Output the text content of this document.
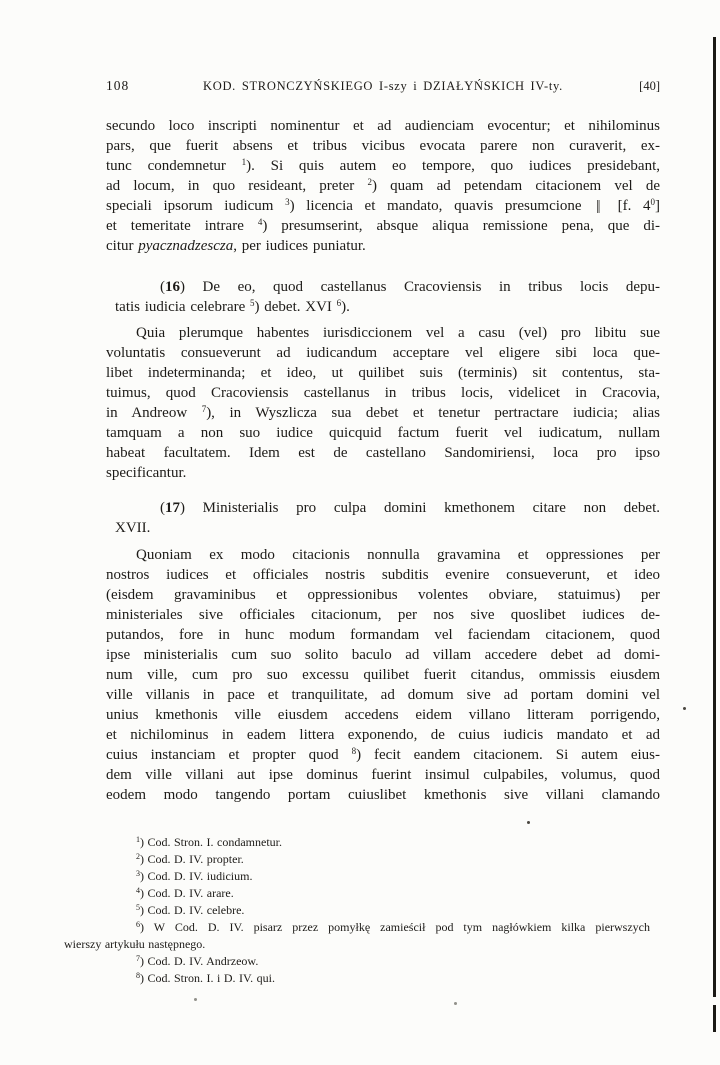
108	KOD. STRONCZYŃSKIEGO I-szy i DZIAŁYŃSKICH IV-ty.	[40]
secundo loco inscripti nominentur et ad audienciam evocentur; et nihilominus
pars, que fuerit absens et tribus vicibus evocata parere non curaverit, ex-
tunc condemnetur $^1$). Si quis autem eo tempore, quo iudices presidebant,
ad locum, in quo resideant, preter $^2$) quam ad petendam citacionem vel de
speciali ipsorum iudicum $^3$) licencia et mandato, quavis presumcione || [f. $4^0$]
et temeritate intrare $^4$) presumserint, absque aliqua remissione pena, que di-
citur pyacznadzescza, per iudices puniatur.
(16) De eo, quod castellanus Cracoviensis in tribus locis depu-
tatis iudicia celebrare $^5$) debet. XVI $^6$).
Quia plerumque habentes iurisdiccionem vel a casu (vel) pro libitu sue
voluntatis consueverunt ad iudicandum acceptare vel eligere sibi loca que-
libet indeterminanda; et ideo, ut quilibet suis (terminis) sit contentus, sta-
tuimus, quod Cracoviensis castellanus in tribus locis, videlicet in Cracovia,
in Andreow $^7$), in Wyszlicza sua debet et tenetur pertractare iudicia; alias
tamquam a non suo iudice quicquid factum fuerit vel iudicatum, nullam
habeat facultatem. Idem est de castellano Sandomiriensi, loca pro ipso
specificantur.
(17) Ministerialis pro culpa domini kmethonem citare non debet.
XVII.
Quoniam ex modo citacionis nonnulla gravamina et oppressiones per
nostros iudices et officiales nostris subditis evenire consueverunt, et ideo
(eisdem gravaminibus et oppressionibus volentes obviare, statuimus) per
ministeriales sive officiales citacionum, per nos sive quoslibet iudices de-
putandos, fore in hunc modum formandam vel faciendam citacionem, quod
ipse ministerialis cum suo solito baculo ad villam accedere debet ad domi-
num ville, cum pro suo excessu quilibet fuerit citandus, ommissis eiusdem
ville villanis in pace et tranquilitate, ad domum sive ad portam domini vel
unius kmethonis ville eiusdem accedens eidem villano litteram porrigendo,
et nichilominus in eadem littera exponendo, de cuius iudicis mandato et ad
cuius instanciam et propter quod $^8$) fecit eandem citacionem. Si autem eius-
dem ville villani aut ipse dominus fuerint insimul culpabiles, volumus, quod
eodem modo tangendo portam cuiuslibet kmethonis sive villani clamando
$^1$) Cod. Stron. I. condamnetur.
$^2$) Cod. D. IV. propter.
$^3$) Cod. D. IV. iudicium.
$^4$) Cod. D. IV. arare.
$^5$) Cod. D. IV. celebre.
$^6$) W Cod. D. IV. pisarz przez pomyłkę zamieścił pod tym nagłówkiem kilka pierwszych
wierszy artykułu następnego.
$^7$) Cod. D. IV. Andrzeow.
$^8$) Cod. Stron. I. i D. IV. qui.
